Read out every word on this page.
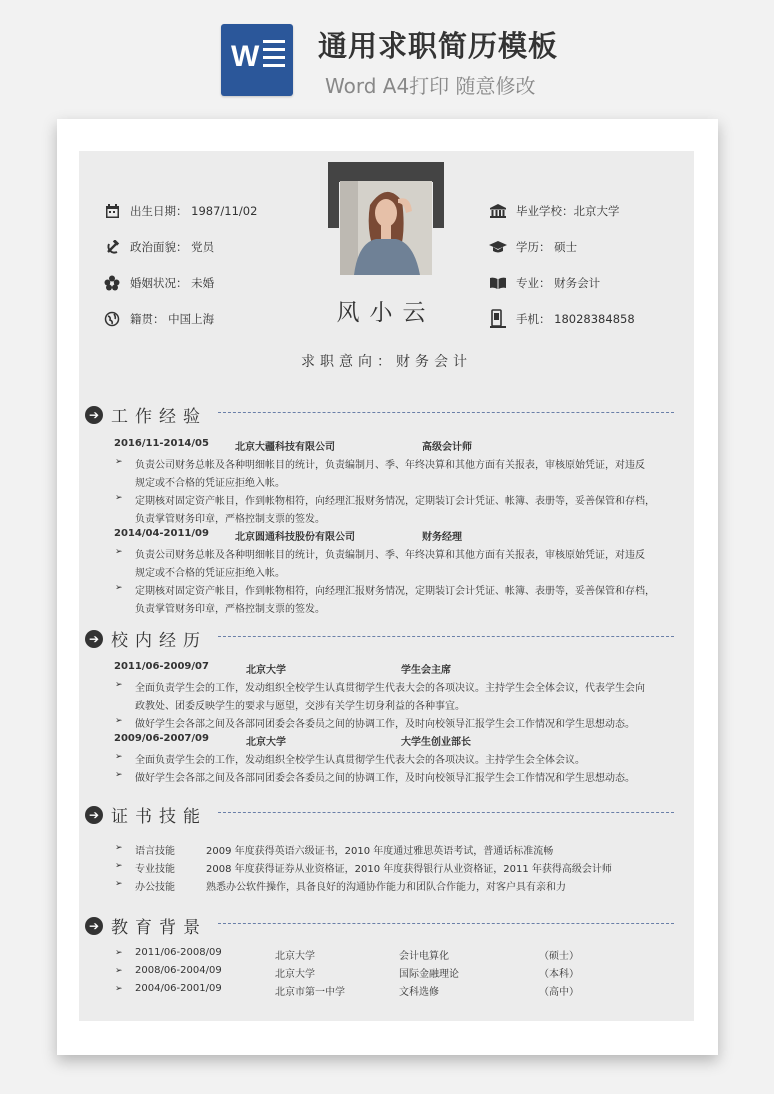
W 通用求职简历模板
Word A4打印 随意修改
出生日期：
1987/11/02
政治面貌：
党员
婚姻状况：
未婚
籍贯：
中国上海	风小云
毕业学校： 北京大学
学历：
硕士
专业：
财务会计
手机：
18028384858
求职意向：财务会计
➔ 工作经验
2016/11-2014/05	北京大疆科技有限公司	高级会计师
➢ 负责公司财务总帐及各种明细帐目的统计，负责编制月、季、年终决算和其他方面有关报表，审核原始凭证，对违反
规定或不合格的凭证应拒绝入帐。
➢ 定期核对固定资产帐目，作到帐物相符，向经理汇报财务情况，定期装订会计凭证、帐簿、表册等，妥善保管和存档，
负责掌管财务印章，严格控制支票的签发。
2014/04-2011/09	北京圆通科技股份有限公司	财务经理
➢ 负责公司财务总帐及各种明细帐目的统计，负责编制月、季、年终决算和其他方面有关报表，审核原始凭证，对违反
规定或不合格的凭证应拒绝入帐。
➢ 定期核对固定资产帐目，作到帐物相符，向经理汇报财务情况，定期装订会计凭证、帐簿、表册等，妥善保管和存档，
负责掌管财务印章，严格控制支票的签发。
➔ 校内经历
2011/06-2009/07	北京大学	学生会主席
➢ 全面负责学生会的工作，发动组织全校学生认真贯彻学生代表大会的各项决议。主持学生会全体会议，代表学生会向
政教处、团委反映学生的要求与愿望，交涉有关学生切身利益的各种事宜。
➢ 做好学生会各部之间及各部同团委会各委员之间的协调工作，及时向校领导汇报学生会工作情况和学生思想动态。
2009/06-2007/09	北京大学	大学生创业部长
➢ 全面负责学生会的工作，发动组织全校学生认真贯彻学生代表大会的各项决议。主持学生会全体会议。
➢ 做好学生会各部之间及各部同团委会各委员之间的协调工作，及时向校领导汇报学生会工作情况和学生思想动态。
➔ 证书技能
➢ 语言技能	2009 年度获得英语六级证书，2010 年度通过雅思英语考试，普通话标准流畅
➢ 专业技能	2008 年度获得证券从业资格证，2010 年度获得银行从业资格证，2011 年获得高级会计师
➢ 办公技能	熟悉办公软件操作，具备良好的沟通协作能力和团队合作能力，对客户具有亲和力
➔ 教育背景
➢ 2011/06-2008/09	北京大学	会计电算化	（硕士）
➢ 2008/06-2004/09	北京大学	国际金融理论	（本科）
➢ 2004/06-2001/09	北京市第一中学	文科选修	（高中）
